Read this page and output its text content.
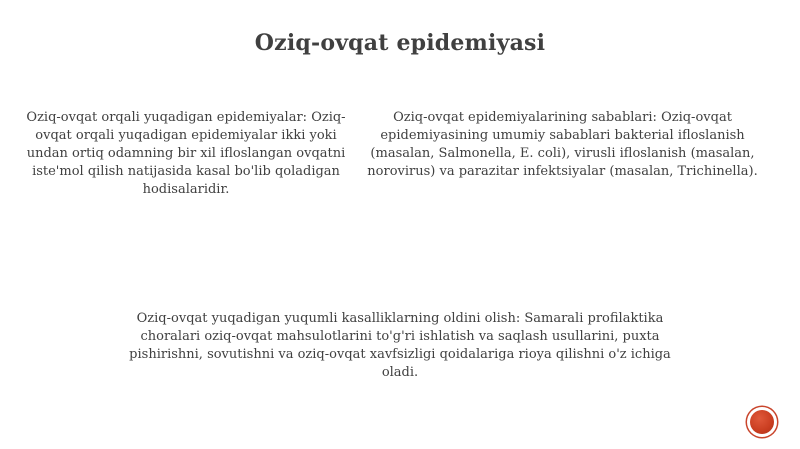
Oziq-ovqat epidemiyasi
Oziq-ovqat orqali yuqadigan epidemiyalar: Oziq-ovqat orqali yuqadigan epidemiyalar ikki yoki undan ortiq odamning bir xil ifloslangan ovqatni iste'mol qilish natijasida kasal bo'lib qoladigan hodisalaridir.
Oziq-ovqat epidemiyalarining sabablari: Oziq-ovqat epidemiyasining umumiy sabablari bakterial ifloslanish (masalan, Salmonella, E. coli), virusli ifloslanish (masalan, norovirus) va parazitar infektsiyalar (masalan, Trichinella).
Oziq-ovqat yuqadigan yuqumli kasalliklarning oldini olish: Samarali profilaktika choralari oziq-ovqat mahsulotlarini to'g'ri ishlatish va saqlash usullarini, puxta pishirishni, sovutishni va oziq-ovqat xavfsizligi qoidalariga rioya qilishni o'z ichiga oladi.
